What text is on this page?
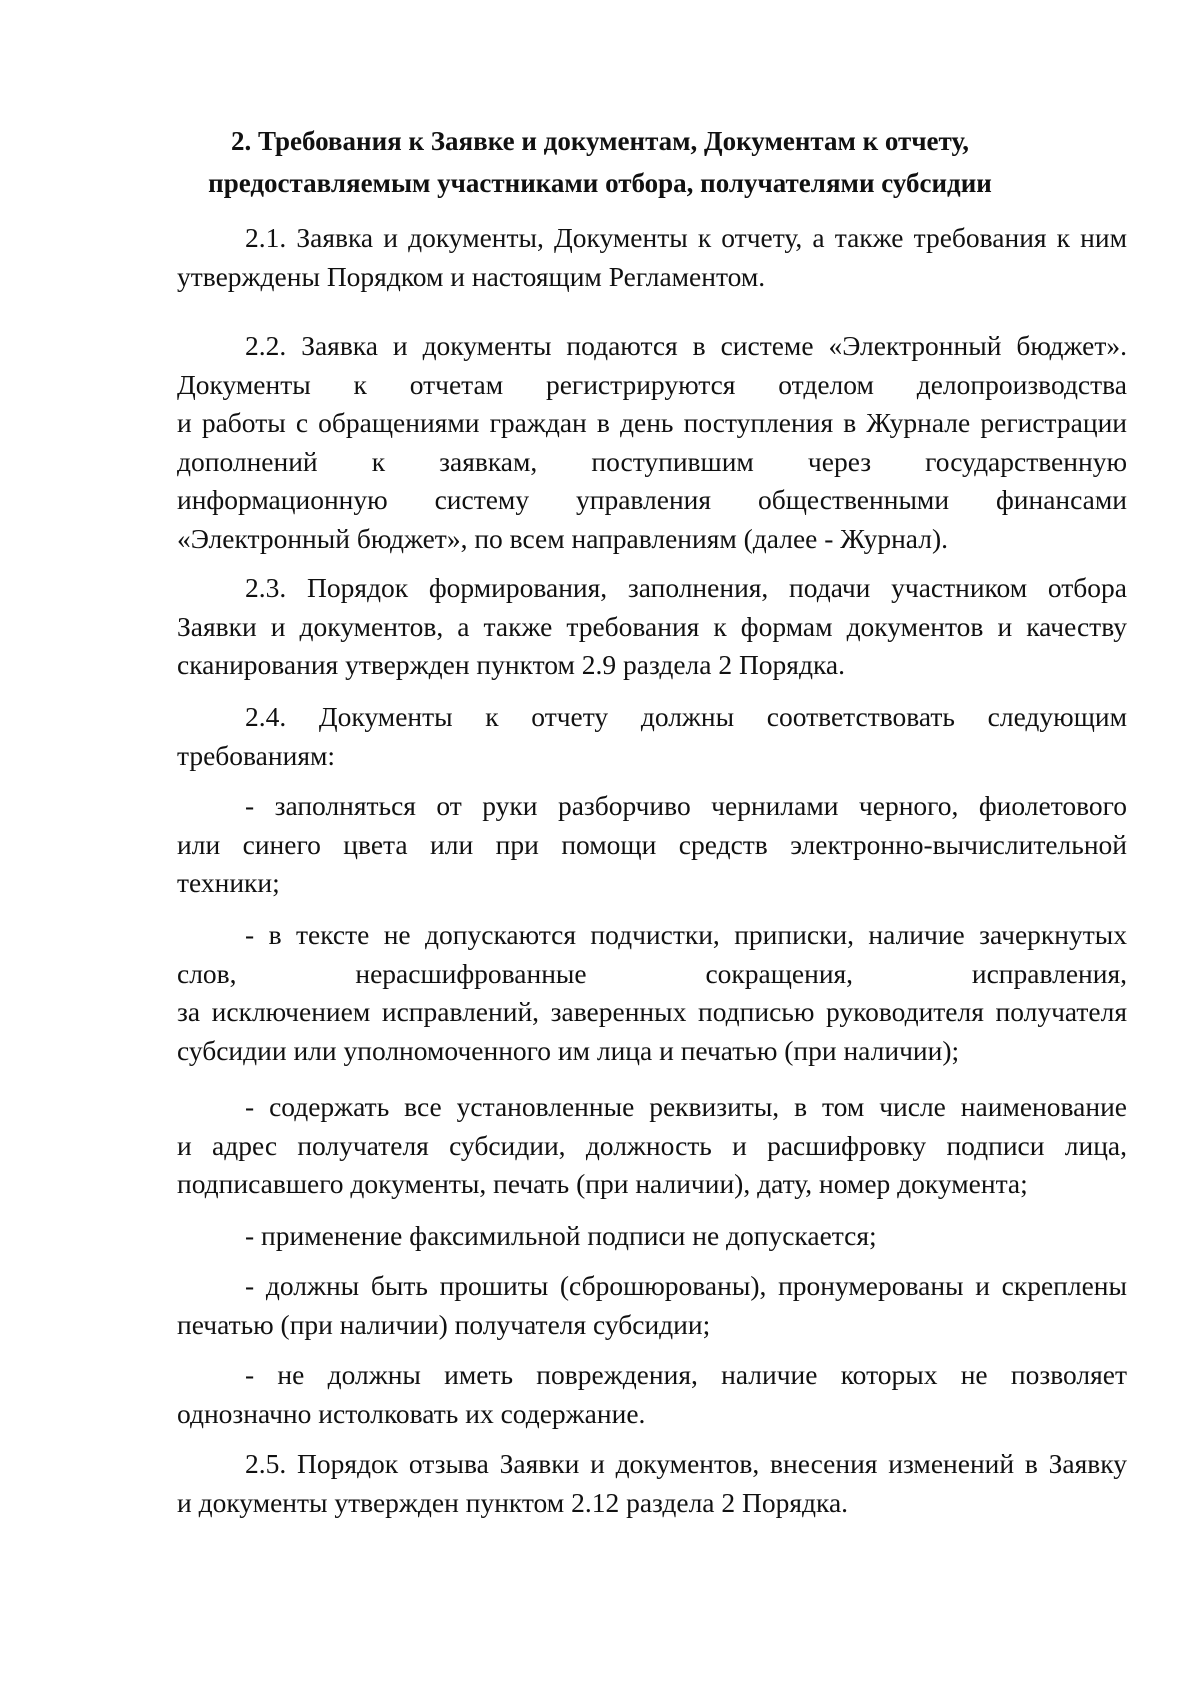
2. Требования к Заявке и документам, Документам к отчету,
предоставляемым участниками отбора, получателями субсидии
2.1. Заявка и документы, Документы к отчету, а также требования к ним
утверждены Порядком и настоящим Регламентом.
2.2. Заявка и документы подаются в системе «Электронный бюджет».
Документы к отчетам регистрируются отделом делопроизводства
и работы с обращениями граждан в день поступления в Журнале регистрации
дополнений к заявкам, поступившим через государственную
информационную систему управления общественными финансами
«Электронный бюджет», по всем направлениям (далее - Журнал).
2.3. Порядок формирования, заполнения, подачи участником отбора
Заявки и документов, а также требования к формам документов и качеству
сканирования утвержден пунктом 2.9 раздела 2 Порядка.
2.4. Документы к отчету должны соответствовать следующим
требованиям:
- заполняться от руки разборчиво чернилами черного, фиолетового
или синего цвета или при помощи средств электронно-вычислительной
техники;
- в тексте не допускаются подчистки, приписки, наличие зачеркнутых
слов, нерасшифрованные сокращения, исправления,
за исключением исправлений, заверенных подписью руководителя получателя
субсидии или уполномоченного им лица и печатью (при наличии);
- содержать все установленные реквизиты, в том числе наименование
и адрес получателя субсидии, должность и расшифровку подписи лица,
подписавшего документы, печать (при наличии), дату, номер документа;
- применение факсимильной подписи не допускается;
- должны быть прошиты (сброшюрованы), пронумерованы и скреплены
печатью (при наличии) получателя субсидии;
- не должны иметь повреждения, наличие которых не позволяет
однозначно истолковать их содержание.
2.5. Порядок отзыва Заявки и документов, внесения изменений в Заявку
и документы утвержден пунктом 2.12 раздела 2 Порядка.
